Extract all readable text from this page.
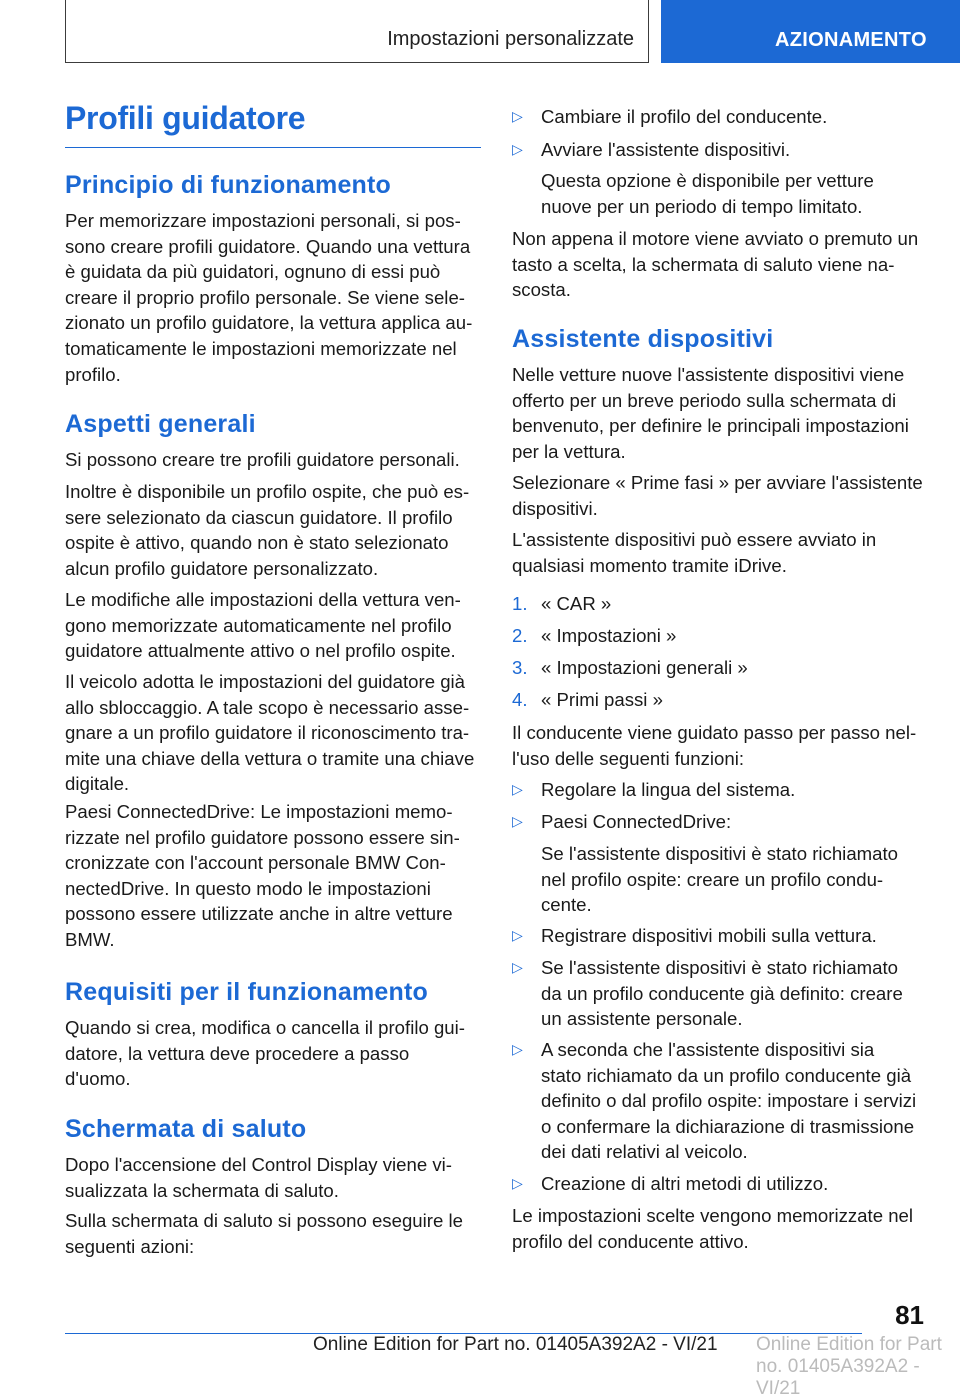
Impostazioni personalizzate	AZIONAMENTO
Profili guidatore
Principio di funzionamento

Per memorizzare impostazioni personali, si pos-

sono creare profili guidatore. Quando una vettura

è guidata da più guidatori, ognuno di essi può

creare il proprio profilo personale. Se viene sele-

zionato un profilo guidatore, la vettura applica au-

tomaticamente le impostazioni memorizzate nel

profilo.

Aspetti generali

Si possono creare tre profili guidatore personali.

Inoltre è disponibile un profilo ospite, che può es-

sere selezionato da ciascun guidatore. Il profilo

ospite è attivo, quando non è stato selezionato

alcun profilo guidatore personalizzato.

Le modifiche alle impostazioni della vettura ven-

gono memorizzate automaticamente nel profilo

guidatore attualmente attivo o nel profilo ospite.

Il veicolo adotta le impostazioni del guidatore già

allo sbloccaggio. A tale scopo è necessario asse-

gnare a un profilo guidatore il riconoscimento tra-

mite una chiave della vettura o tramite una chiave

digitale.

Paesi ConnectedDrive: Le impostazioni memo-

rizzate nel profilo guidatore possono essere sin-

cronizzate con l'account personale BMW Con-

nectedDrive. In questo modo le impostazioni

possono essere utilizzate anche in altre vetture

BMW.

Requisiti per il funzionamento

Quando si crea, modifica o cancella il profilo gui-

datore, la vettura deve procedere a passo

d'uomo.

Schermata di saluto

Dopo l'accensione del Control Display viene vi-

sualizzata la schermata di saluto.

Sulla schermata di saluto si possono eseguire le

seguenti azioni:

▷ Cambiare il profilo del conducente.

▷ Avviare l'assistente dispositivi.

Questa opzione è disponibile per vetture

nuove per un periodo di tempo limitato.

Non appena il motore viene avviato o premuto un

tasto a scelta, la schermata di saluto viene na-

scosta.

Assistente dispositivi

Nelle vetture nuove l'assistente dispositivi viene

offerto per un breve periodo sulla schermata di

benvenuto, per definire le principali impostazioni

per la vettura.

Selezionare « Prime fasi » per avviare l'assistente

dispositivi.

L'assistente dispositivi può essere avviato in

qualsiasi momento tramite iDrive.

1. « CAR »

2. « Impostazioni »

3. « Impostazioni generali »

4. « Primi passi »

Il conducente viene guidato passo per passo nel-

l'uso delle seguenti funzioni:

▷ Regolare la lingua del sistema.

▷ Paesi ConnectedDrive:

Se l'assistente dispositivi è stato richiamato

nel profilo ospite: creare un profilo condu-

cente.

▷ Registrare dispositivi mobili sulla vettura.

▷ Se l'assistente dispositivi è stato richiamato

da un profilo conducente già definito: creare

un assistente personale.

▷ A seconda che l'assistente dispositivi sia

stato richiamato da un profilo conducente già

definito o dal profilo ospite: impostare i servizi

o confermare la dichiarazione di trasmissione

dei dati relativi al veicolo.

▷ Creazione di altri metodi di utilizzo.

Le impostazioni scelte vengono memorizzate nel

profilo del conducente attivo.

81
Online Edition for Part no. 01405A392A2 - VI/21 Online Edition for Part no. 01405A392A2 - VI/21
